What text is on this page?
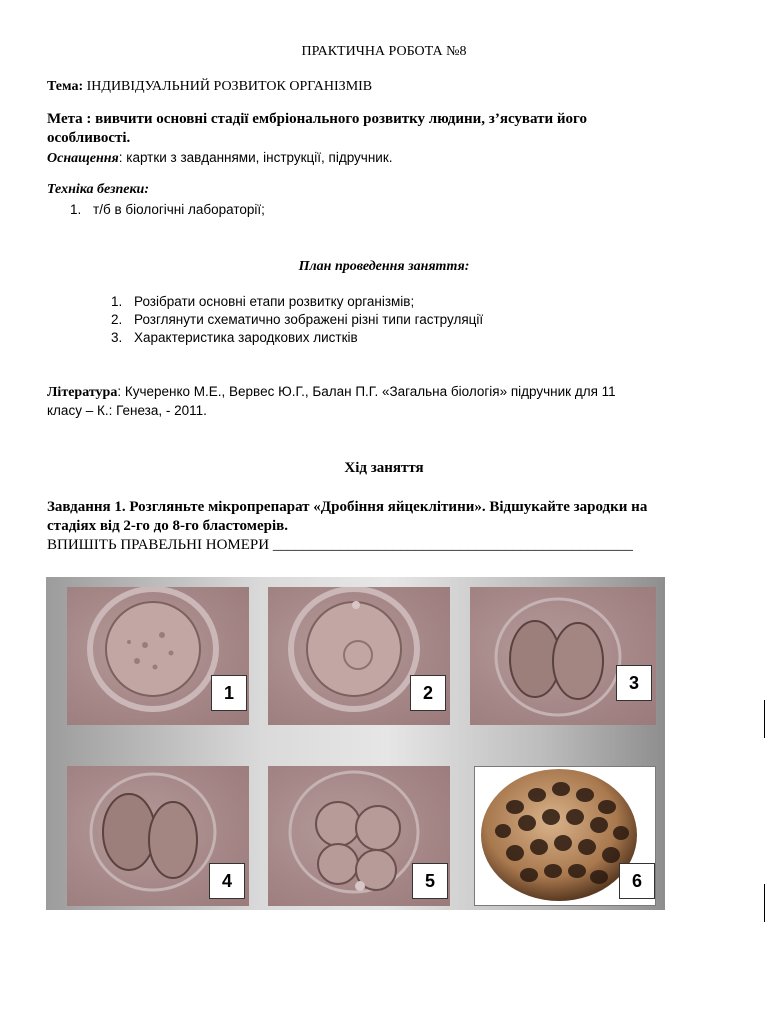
ПРАКТИЧНА РОБОТА №8
Тема: ІНДИВІДУАЛЬНИЙ РОЗВИТОК ОРГАНІЗМІВ
Мета : вивчити основні стадії ембріонального розвитку людини, з’ясувати його
особливості.
Оснащення: картки з завданнями, інструкції, підручник.
Техніка безпеки:
1. т/б в біологічні лабораторії;
План проведення заняття:
1. Розібрати основні етапи розвитку організмів;
2. Розглянути схематично зображені різні типи гаструляції
3. Характеристика зародкових листків
Література: Кучеренко М.Е., Вервес Ю.Г., Балан П.Г. «Загальна біологія» підручник для 11
класу – К.: Генеза, - 2011.
Хід заняття
Завдання 1. Розгляньте мікропрепарат «Дробіння яйцеклітини». Відшукайте зародки на
стадіях від 2-го до 8-го бластомерів.
ВПИШІТЬ ПРАВЕЛЬНІ НОМЕРИ ________________________________________________
1	2	3
4	5	6
